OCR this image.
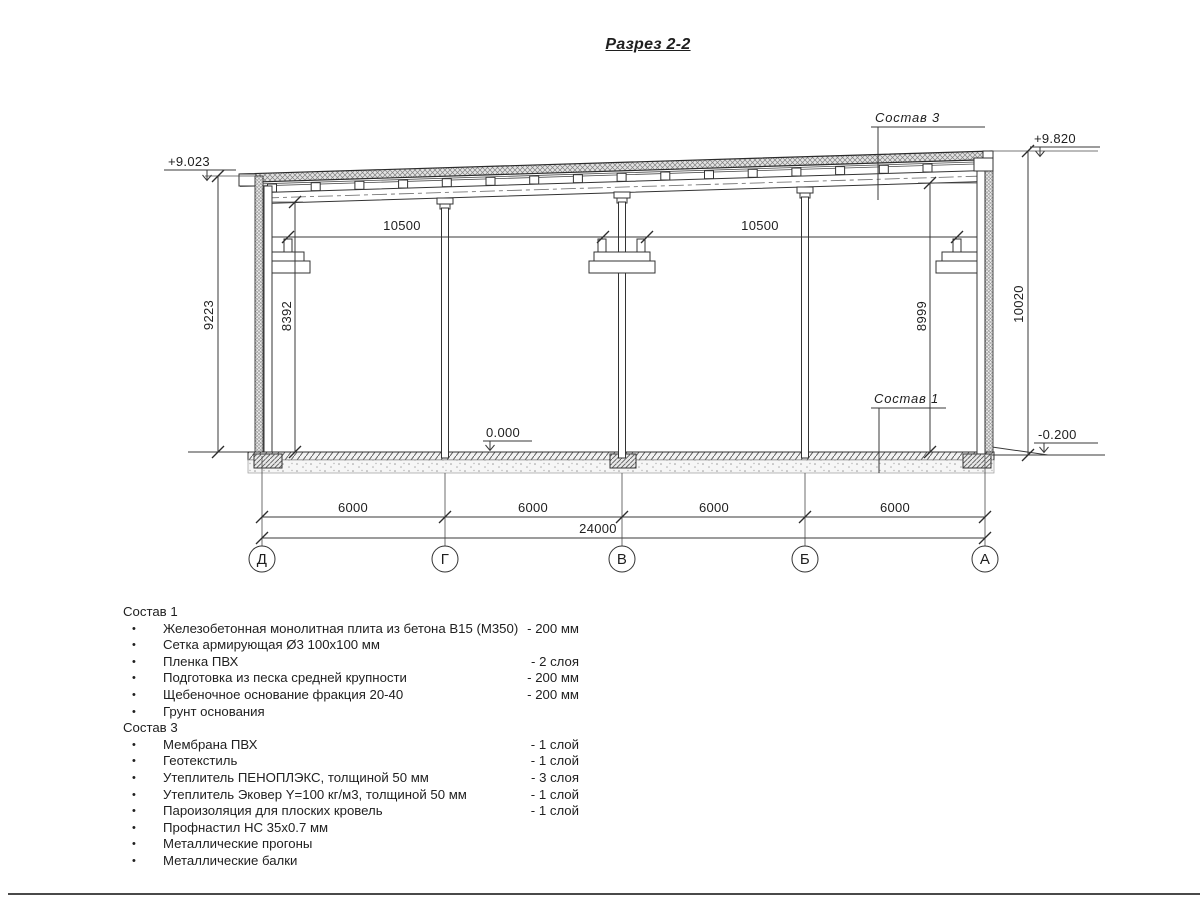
Разрез 2-2
+9.023
+9.820
0.000	-0.200
Состав 3
Состав 1
10500	10500
9223	8392	8999	10020
6000	6000	6000	6000
24000
Д	Г	В	Б	А
Состав 1
•	Железобетонная монолитная плита из бетона В15 (М350) - 200 мм
•	Сетка армирующая Ø3 100х100 мм
•	Пленка ПВХ	- 2 слоя
•	Подготовка из песка средней крупности	- 200 мм
•	Щебеночное основание фракция 20-40	- 200 мм
•	Грунт основания
Состав 3
•	Мембрана ПВХ	- 1 слой
•	Геотекстиль	- 1 слой
•	Утеплитель ПЕНОПЛЭКС, толщиной 50 мм	- 3 слоя
•	Утеплитель Эковер Y=100 кг/м3, толщиной 50 мм	- 1 слой
•	Пароизоляция для плоских кровель	- 1 слой
•	Профнастил НС 35х0.7 мм
•	Металлические прогоны
•	Металлические балки
